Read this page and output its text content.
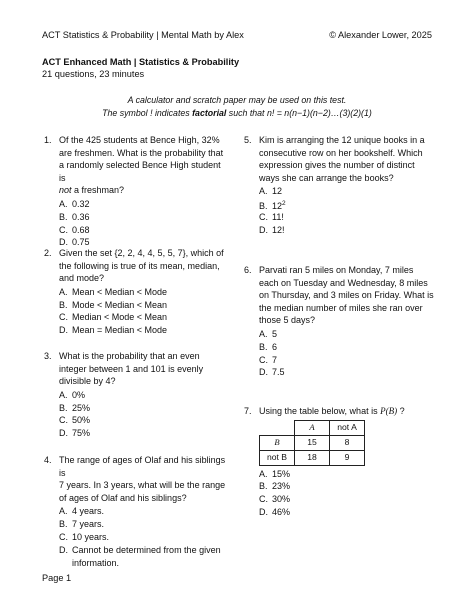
ACT Statistics & Probability | Mental Math by Alex	© Alexander Lower, 2025
ACT Enhanced Math | Statistics & Probability
21 questions, 23 minutes
A calculator and scratch paper may be used on this test.
The symbol ! indicates factorial such that n! = n(n−1)(n−2)…(3)(2)(1)
1. Of the 425 students at Bence High, 32%
are freshmen. What is the probability that
a randomly selected Bence High student is
not a freshman?
A. 0.32
B. 0.36
C. 0.68
D. 0.75
2. Given the set {2, 2, 4, 4, 5, 5, 7}, which of
the following is true of its mean, median,
and mode?
A. Mean < Median < Mode
B. Mode < Median < Mean
C. Median < Mode < Mean
D. Mean = Median < Mode
3. What is the probability that an even
integer between 1 and 101 is evenly
divisible by 4?
A. 0%
B. 25%
C. 50%
D. 75%
4. The range of ages of Olaf and his siblings is
7 years. In 3 years, what will be the range
of ages of Olaf and his siblings?
A. 4 years.
B. 7 years.
C. 10 years.
D. Cannot be determined from the given
information.
5. Kim is arranging the 12 unique books in a
consecutive row on her bookshelf. Which
expression gives the number of distinct
ways she can arrange the books?
A. 12
B. $12^2$
C. 11!
D. 12!
6. Parvati ran 5 miles on Monday, 7 miles
each on Tuesday and Wednesday, 8 miles
on Thursday, and 3 miles on Friday. What is
the median number of miles she ran over
those 5 days?
A. 5
B. 6
C. 7
D. 7.5
7. Using the table below, what is P(B) ?
	A	not A
B	15	8
not B	18	9
A. 15%
B. 23%
C. 30%
D. 46%
Page 1
